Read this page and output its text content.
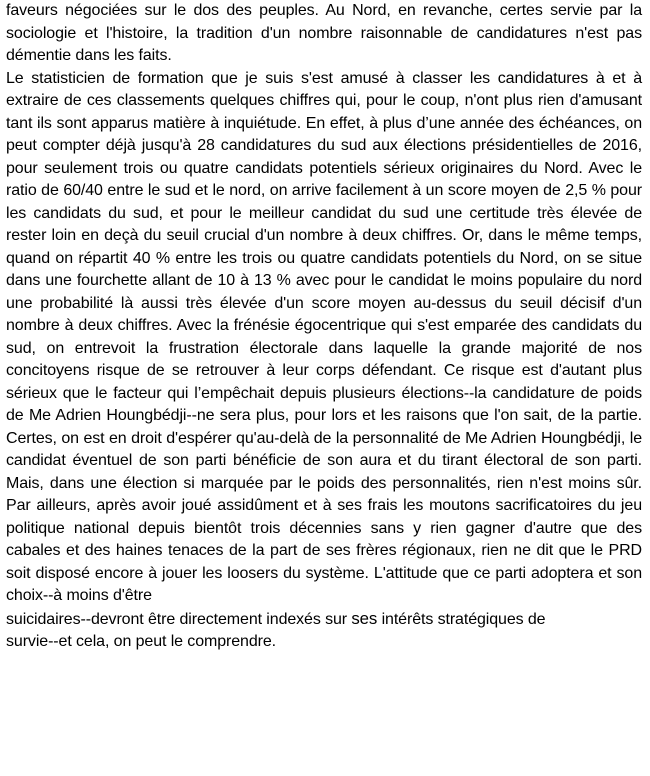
faveurs négociées sur le dos des peuples. Au Nord, en revanche, certes servie par la sociologie et l'histoire, la tradition d'un nombre raisonnable de candidatures n'est pas démentie dans les faits.

Le statisticien de formation que je suis s'est amusé à classer les candidatures à et à extraire de ces classements quelques chiffres qui, pour le coup, n'ont plus rien d'amusant tant ils sont apparus matière à inquiétude. En effet, à plus d’une année des échéances, on peut compter déjà jusqu'à 28 candidatures du sud aux élections présidentielles de 2016, pour seulement trois ou quatre candidats potentiels sérieux originaires du Nord. Avec le ratio de 60/40 entre le sud et le nord, on arrive facilement à un score moyen de 2,5 % pour les candidats du sud, et pour le meilleur candidat du sud une certitude très élevée de rester loin en deçà du seuil crucial d'un nombre à deux chiffres. Or, dans le même temps, quand on répartit 40 % entre les trois ou quatre candidats potentiels du Nord, on se situe dans une fourchette allant de 10 à 13 % avec pour le candidat le moins populaire du nord une probabilité là aussi très élevée d'un score moyen au-dessus du seuil décisif d'un nombre à deux chiffres. Avec la frénésie égocentrique qui s'est emparée des candidats du sud, on entrevoit la frustration électorale dans laquelle la grande majorité de nos concitoyens risque de se retrouver à leur corps défendant. Ce risque est d'autant plus sérieux que le facteur qui l’empêchait depuis plusieurs élections--la candidature de poids de Me Adrien Houngbédji--ne sera plus, pour lors et les raisons que l'on sait, de la partie. Certes, on est en droit d'espérer qu'au-delà de la personnalité de Me Adrien Houngbédji, le candidat éventuel de son parti bénéficie de son aura et du tirant électoral de son parti. Mais, dans une élection si marquée par le poids des personnalités, rien n'est moins sûr. Par ailleurs, après avoir joué assidûment et à ses frais les moutons sacrificatoires du jeu politique national depuis bientôt trois décennies sans y rien gagner d'autre que des cabales et des haines tenaces de la part de ses frères régionaux, rien ne dit que le PRD soit disposé encore à jouer les loosers du système. L'attitude que ce parti adoptera et son choix--à moins d'être

suicidaires--devront être directement indexés sur ses intérêts stratégiques de
survie--et cela, on peut le comprendre.
